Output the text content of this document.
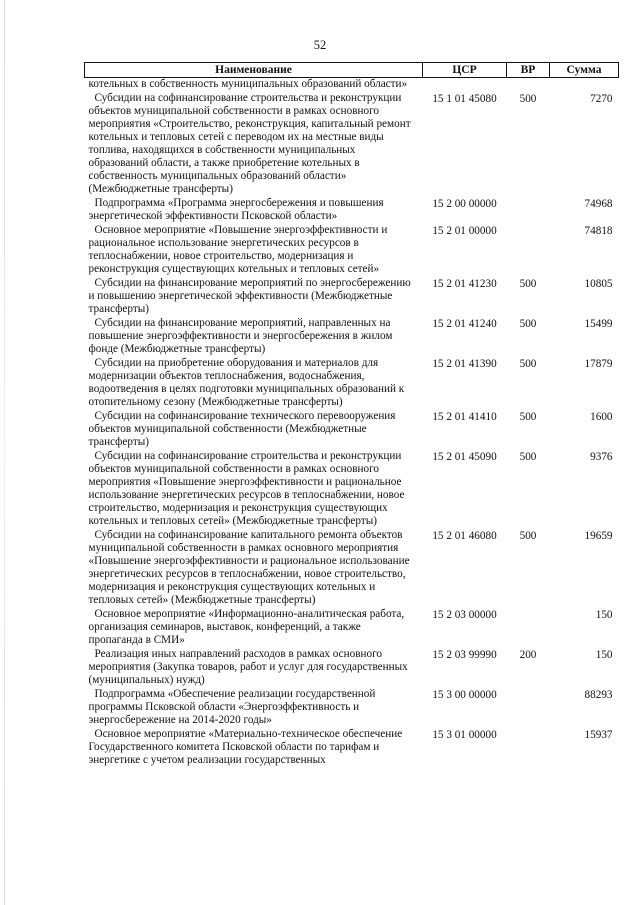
52
Наименование	ЦСР	ВР	Сумма
котельных в собственность муниципальных образований области»			
Субсидии на софинансирование строительства и реконструкции объектов муниципальной собственности в рамках основного мероприятия «Строительство, реконструкция, капитальный ремонт котельных и тепловых сетей с переводом их на местные виды топлива, находящихся в собственности муниципальных образований области, а также приобретение котельных в собственность муниципальных образований области» (Межбюджетные трансферты)	15 1 01 45080	500	7270
Подпрограмма «Программа энергосбережения и повышения энергетической эффективности Псковской области»	15 2 00 00000		74968
Основное мероприятие «Повышение энергоэффективности и рациональное использование энергетических ресурсов в теплоснабжении, новое строительство, модернизация и реконструкция существующих котельных и тепловых сетей»	15 2 01 00000		74818
Субсидии на финансирование мероприятий по энергосбережению и повышению энергетической эффективности (Межбюджетные трансферты)	15 2 01 41230	500	10805
Субсидии на финансирование мероприятий, направленных на повышение энергоэффективности и энергосбережения в жилом фонде (Межбюджетные трансферты)	15 2 01 41240	500	15499
Субсидии на приобретение оборудования и материалов для модернизации объектов теплоснабжения, водоснабжения, водоотведения в целях подготовки муниципальных образований к отопительному сезону (Межбюджетные трансферты)	15 2 01 41390	500	17879
Субсидии на софинансирование технического перевооружения объектов муниципальной собственности (Межбюджетные трансферты)	15 2 01 41410	500	1600
Субсидии на софинансирование строительства и реконструкции объектов муниципальной собственности в рамках основного мероприятия «Повышение энергоэффективности и рациональное использование энергетических ресурсов в теплоснабжении, новое строительство, модернизация и реконструкция существующих котельных и тепловых сетей» (Межбюджетные трансферты)	15 2 01 45090	500	9376
Субсидии на софинансирование капитального ремонта объектов муниципальной собственности в рамках основного мероприятия «Повышение энергоэффективности и рациональное использование энергетических ресурсов в теплоснабжении, новое строительство, модернизация и реконструкция существующих котельных и тепловых сетей» (Межбюджетные трансферты)	15 2 01 46080	500	19659
Основное мероприятие «Информационно-аналитическая работа, организация семинаров, выставок, конференций, а также пропаганда в СМИ»	15 2 03 00000		150
Реализация иных направлений расходов в рамках основного мероприятия (Закупка товаров, работ и услуг для государственных (муниципальных) нужд)	15 2 03 99990	200	150
Подпрограмма «Обеспечение реализации государственной программы Псковской области «Энергоэффективность и энергосбережение на 2014-2020 годы»	15 3 00 00000		88293
Основное мероприятие «Материально-техническое обеспечение Государственного комитета Псковской области по тарифам и энергетике с учетом реализации государственных	15 3 01 00000		15937
